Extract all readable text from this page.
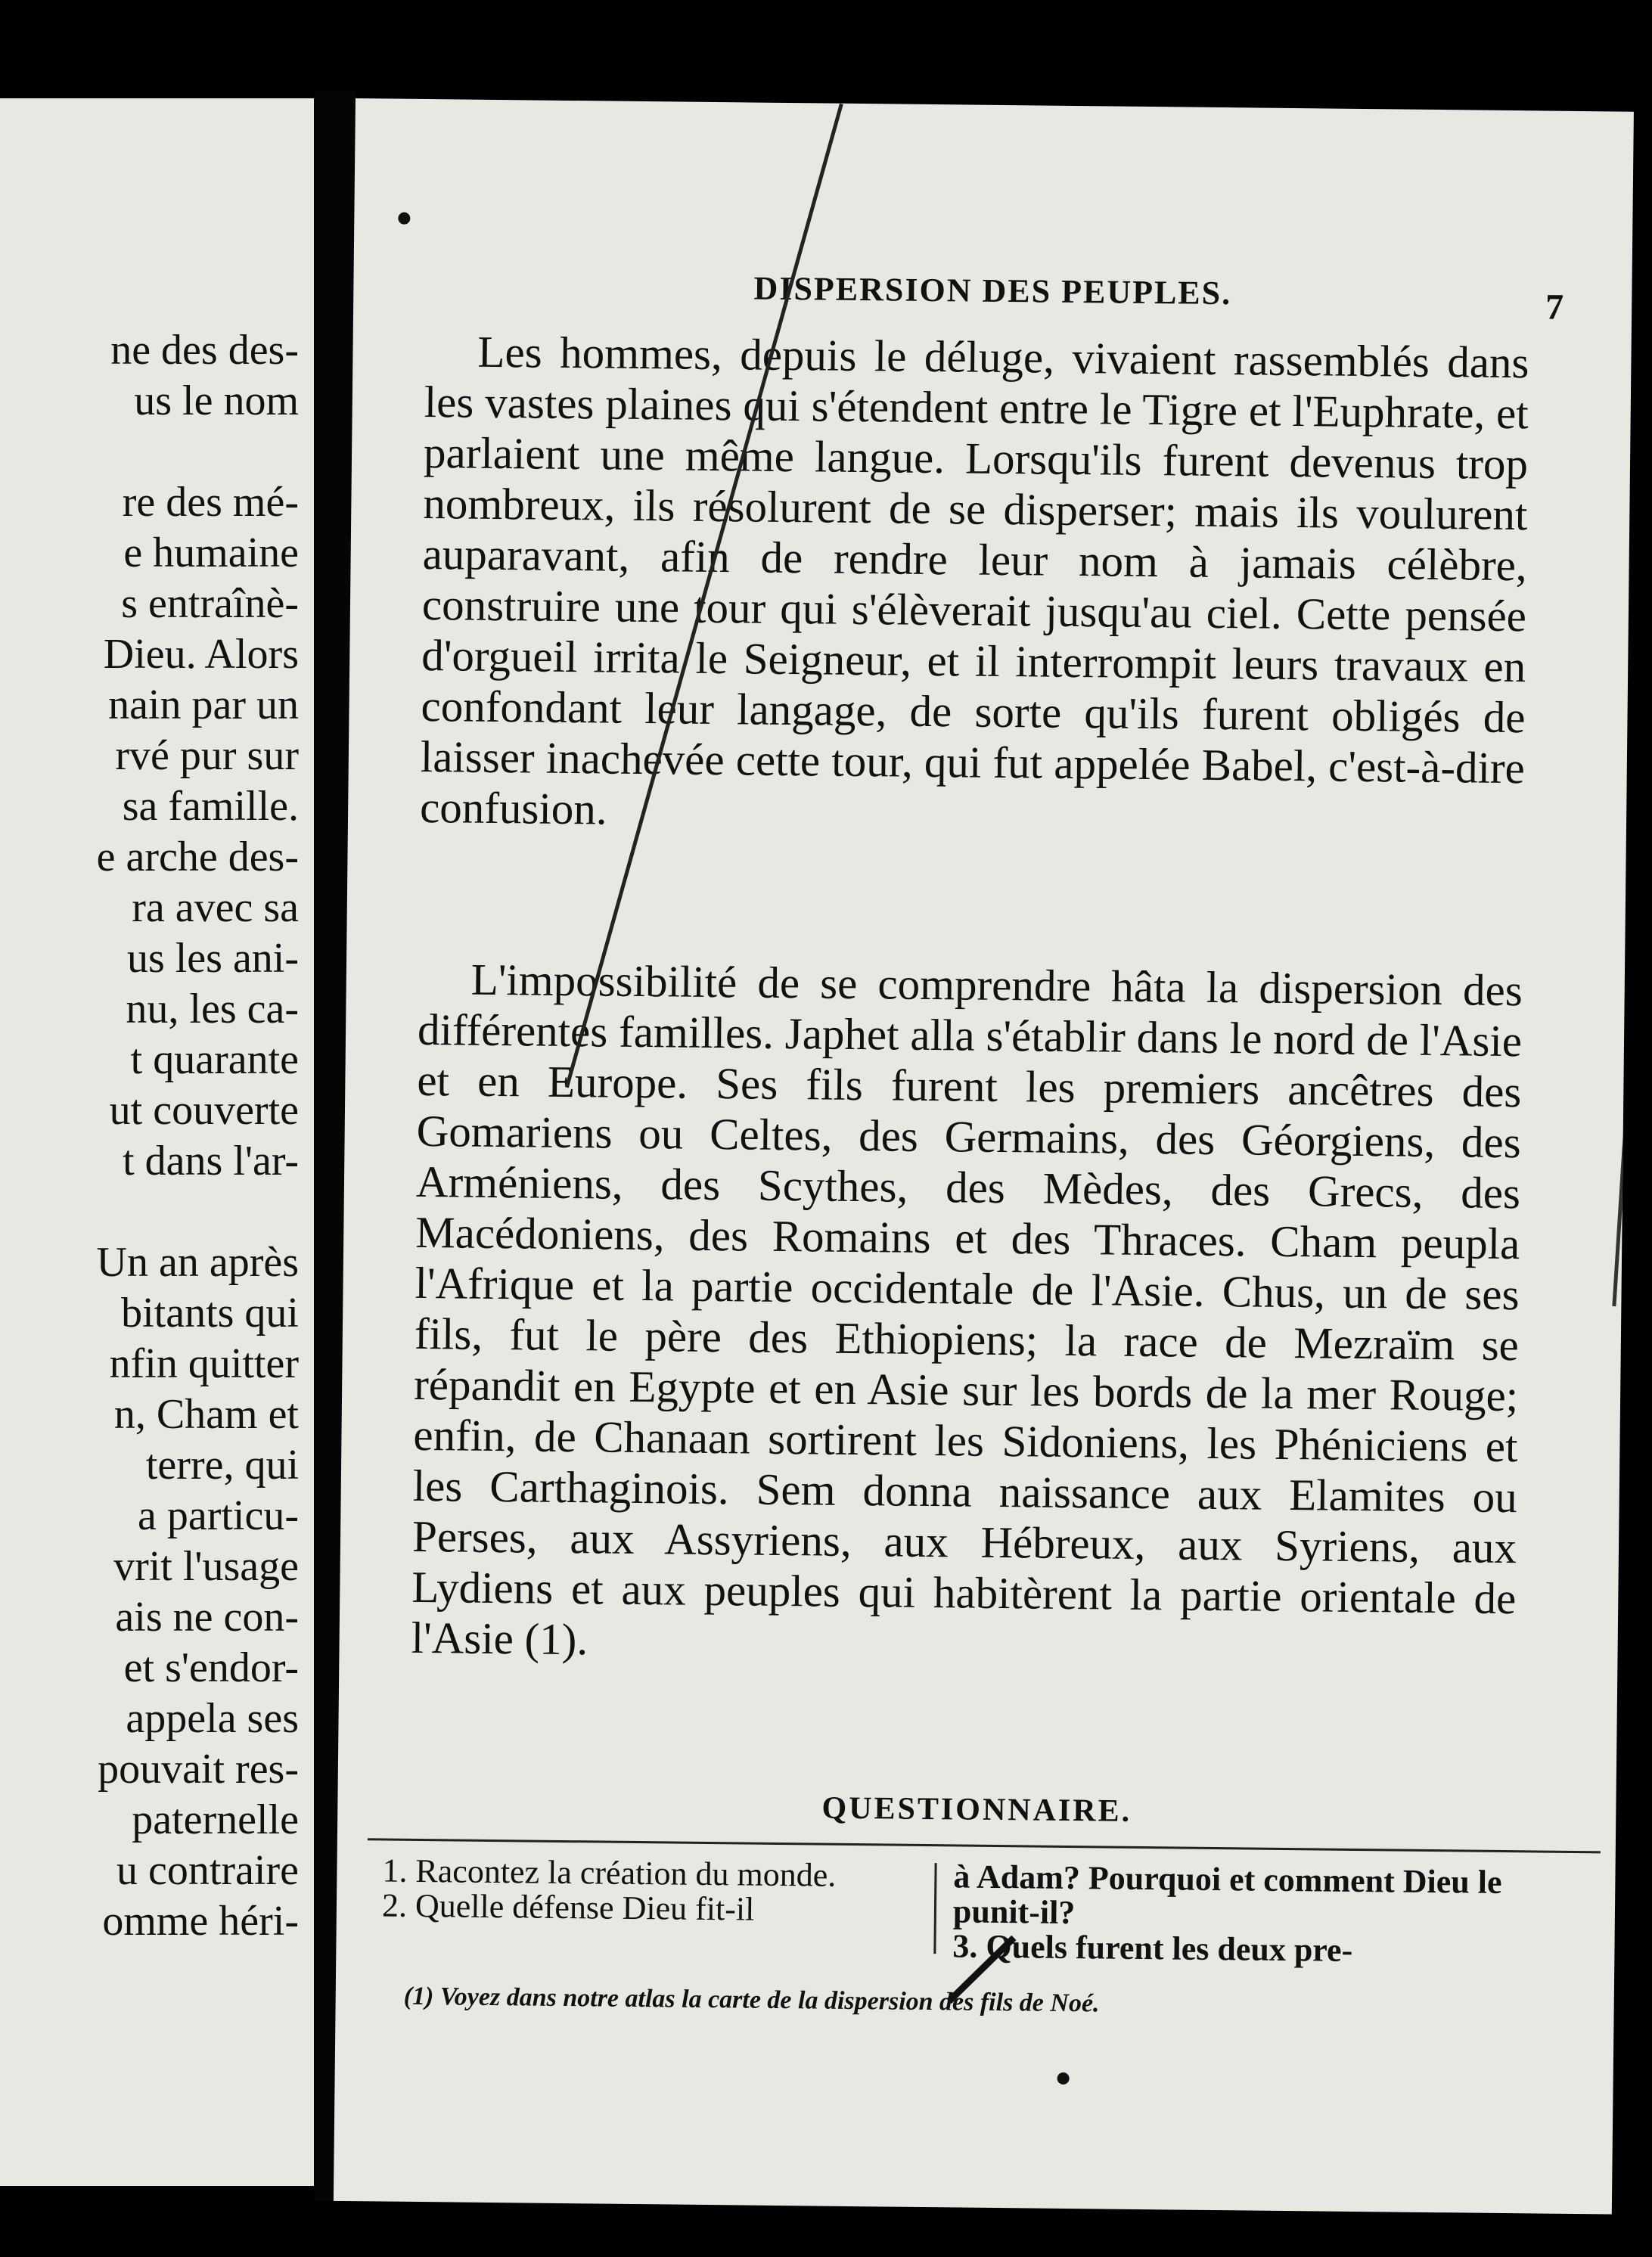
ne des des-
us le nom
re des mé-
e humaine
s entraînè-
Dieu. Alors
nain par un
rvé pur sur
sa famille.
e arche des-
ra avec sa
us les ani-
nu, les ca-
t quarante
ut couverte
t dans l'ar-
Un an après
bitants qui
nfin quitter
n, Cham et
terre, qui
a particu-
vrit l'usage
ais ne con-
et s'endor-
appela ses
pouvait res-
paternelle
u contraire
omme héri-
DISPERSION DES PEUPLES.	7
Les hommes, depuis le déluge, vivaient rassemblés dans les vastes plaines qui s'étendent entre le Tigre et l'Euphrate, et parlaient une même langue. Lorsqu'ils furent devenus trop nombreux, ils résolurent de se disperser; mais ils voulurent auparavant, afin de rendre leur nom à jamais célèbre, construire une tour qui s'élèverait jusqu'au ciel. Cette pensée d'orgueil irrita le Seigneur, et il interrompit leurs travaux en confondant leur langage, de sorte qu'ils furent obligés de laisser inachevée cette tour, qui fut appelée Babel, c'est-à-dire confusion.
L'impossibilité de se comprendre hâta la dispersion des différentes familles. Japhet alla s'établir dans le nord de l'Asie et en Europe. Ses fils furent les premiers ancêtres des Gomariens ou Celtes, des Germains, des Géorgiens, des Arméniens, des Scythes, des Mèdes, des Grecs, des Macédoniens, des Romains et des Thraces. Cham peupla l'Afrique et la partie occidentale de l'Asie. Chus, un de ses fils, fut le père des Ethiopiens; la race de Mezraïm se répandit en Egypte et en Asie sur les bords de la mer Rouge; enfin, de Chanaan sortirent les Sidoniens, les Phéniciens et les Carthaginois. Sem donna naissance aux Elamites ou Perses, aux Assyriens, aux Hébreux, aux Syriens, aux Lydiens et aux peuples qui habitèrent la partie orientale de l'Asie (1).
QUESTIONNAIRE.
1. Racontez la création du monde.
2. Quelle défense Dieu fit-il
à Adam? Pourquoi et comment Dieu le punit-il?
3. Quels furent les deux pre-
(1) Voyez dans notre atlas la carte de la dispersion des fils de Noé.
